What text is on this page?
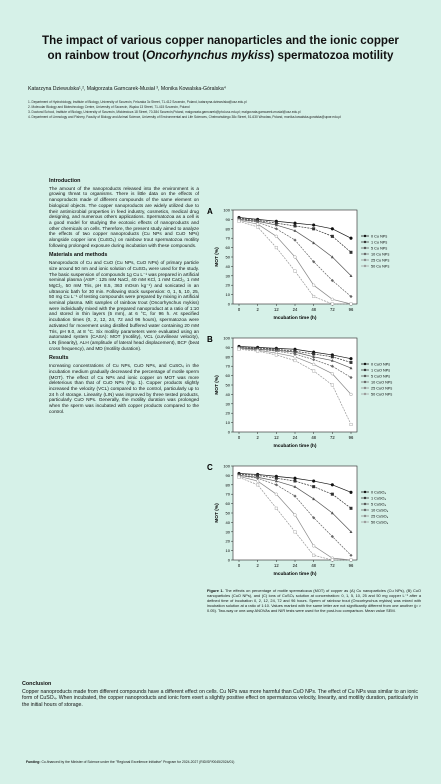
The impact of various copper nanoparticles and the ionic copper
on rainbow trout (Oncorhynchus mykiss) spermatozoa motility
Katarzyna Dziewulska¹,², Małgorzata Garncarek-Musiał ³, Monika Kowalska-Góralska⁴
1. Department of Hydrobiology, Institute of Biology, University of Szczecin, Felczaka 3c Street, 71-412 Szczecin, Poland, katarzyna.dziewulska@usz.edu.pl
2. Molecular Biology and Biotechnology Centre, University of Szczecin, Wąska 13 Street, 71-415 Szczecin, Poland
3. Doctoral School, Institute of Biology, University of Szczecin, Mickiewicza 18 Street, 70-384 Szczecin,Poland, malgorzata.garncarek@phd.usz.edu.pl; malgorzata.garncarek-musial@usz.edu.pl
4. Department of Limnology and Fishery, Faculty of Biology and Animal Science, University of Environmental and Life Sciences, Chełmońskiego 38c Street, 51-630 Wrocław, Poland, monika.kowalska-goralska@upwr.edu.pl
Introduction

The amount of the nanoproducts released into the environment is a growing threat to organisms. There is little data on the effects of nanoproducts made of different compounds of the same element on biological objects. The copper nanoproducts are widely utilized due to their antimicrobial properties in feed industry, cosmetics, medical drug designing, and numerous others applications. Spermatozoa as a cell is a good model for studying the ecotoxic effects of nanoproducts and other chemicals on cells. Therefore, the present study aimed to analyze the effects of two copper nanoproducts (Cu NPs and CuO NPs) alongside copper ions (CuSO₄) on rainbow trout spermatozoa motility following prolonged exposure during incubation with these compounds.

Materials and methods

Nanoproducts of Cu and CuO (Cu NPs, CuO NPs) of primary particle size around 50 nm and ionic solution of CuSO₄ were used for the study. The basic suspension of compounds 1g Cu L⁻¹ was prepared in artificial seminal plasma (ASP : 125 mM NaCl, 40 mM KCl, 1 mM CaCl₂, 1 mM MgCl₂, 50 mM Tris, pH 8.5, 363 mOsm kg⁻¹) and sonicated in an ultrasonic bath for 30 min. Following stock suspension: 0, 1, 5, 10, 25, 50 mg Cu L⁻¹ of testing compounds were prepared by mixing in artificial seminal plasma. Milt samples of rainbow trout (Oncorhynchus mykiss) were individually mixed with the prepared nanoproduct at a ratio of 1:10 and stored in thin layers (5 mm), at 6 °C, for 96 h. At specified incubation times (0, 2, 12, 24, 72 and 96 hours), spermatozoa were activated for movement using distilled buffered water containing 20 mM Tris, pH 9.0, at 8 °C. Six motility parameters were evaluated using an automated system (CASA): MOT (motility), VCL (curvilinear velocity), LIN (linearity), ALH (amplitude of lateral head displacement), BCF (beat cross frequency), and MD (motility duration).

Results

Increasing concentrations of Cu NPs, CuO NPs, and CuSO₄ in the incubation medium gradually decreased the percentage of motile sperm (MOT). The effect of Cu NPs and ionic copper on MOT was more deleterious than that of CuO NPs (Fig. 1). Copper products slightly increased the velocity (VCL) compared to the control, particularly up to 24 h of storage. Linearity (LIN) was improved by three tested products, particularly CuO NPs. Generally, the motility duration was prolonged when the sperm was incubated with copper products compared to the control.

A
0
10
20
30
40
50
60
70
80
90
100
0	2	12	24	48	72	96
Incubation time (h)
MOT (%)
0 Cu NPs
1 Cu NPs
5 Cu NPs
10 Cu NPs
25 Cu NPs
50 Cu NPs
B
0
10
20
30
40
50
60
70
80
90
100
0	2	12	24	48	72	96
Incubation time (h)
MOT (%)
0 CuO NPs
1 CuO NPs
5 CuO NPs
10 CuO NPs
25 CuO NPs
50 CuO NPs
C
0
10
20
30
40
50
60
70
80
90
100
0	2	12	24	48	72	96
Incubation time (h)
MOT (%)
0 CuSO₄
1 CuSO₄
5 CuSO₄
10 CuSO₄
25 CuSO₄
50 CuSO₄
Figure 1. The effects on percentage of motile spermatozoa (MOT) of copper as (A) Cu nanoparticles (Cu NPs), (B) CuO nanoparticles (CuO NPs), and (C) ions of CuSO₄ solution at concentration: 0, 1, 5, 10, 25 and 50 mg copper L⁻¹ after a defined time of incubation 0, 2, 12, 24, 72 and 96 hours. Sperm of rainbow trout (Oncorhynchus mykiss) was mixed with incubation solution at a ratio of 1:10. Values marked with the same letter are not significantly different from one another (p > 0.05). Two-way or one-way ANOVAs and NIR tests were used for the post-hoc comparison. Mean value SEM.
Conclusion

Copper nanoproducts made from different compounds have a different effect on cells. Cu NPs was more harmful than CuO NPs. The effect of Cu NPs was similar to an ionic form of CuSO₄. When incubated, the copper nanoproducts and ionic form exert a slightly positive effect on spermatozoa velocity, linearity, and motility duration, particularly in the initial hours of storage.

Funding: Co-financed by the Minister of Science under the "Regional Excellence Initiative" Program for 2024-2027 (RID/SP/0045/2024/01)
